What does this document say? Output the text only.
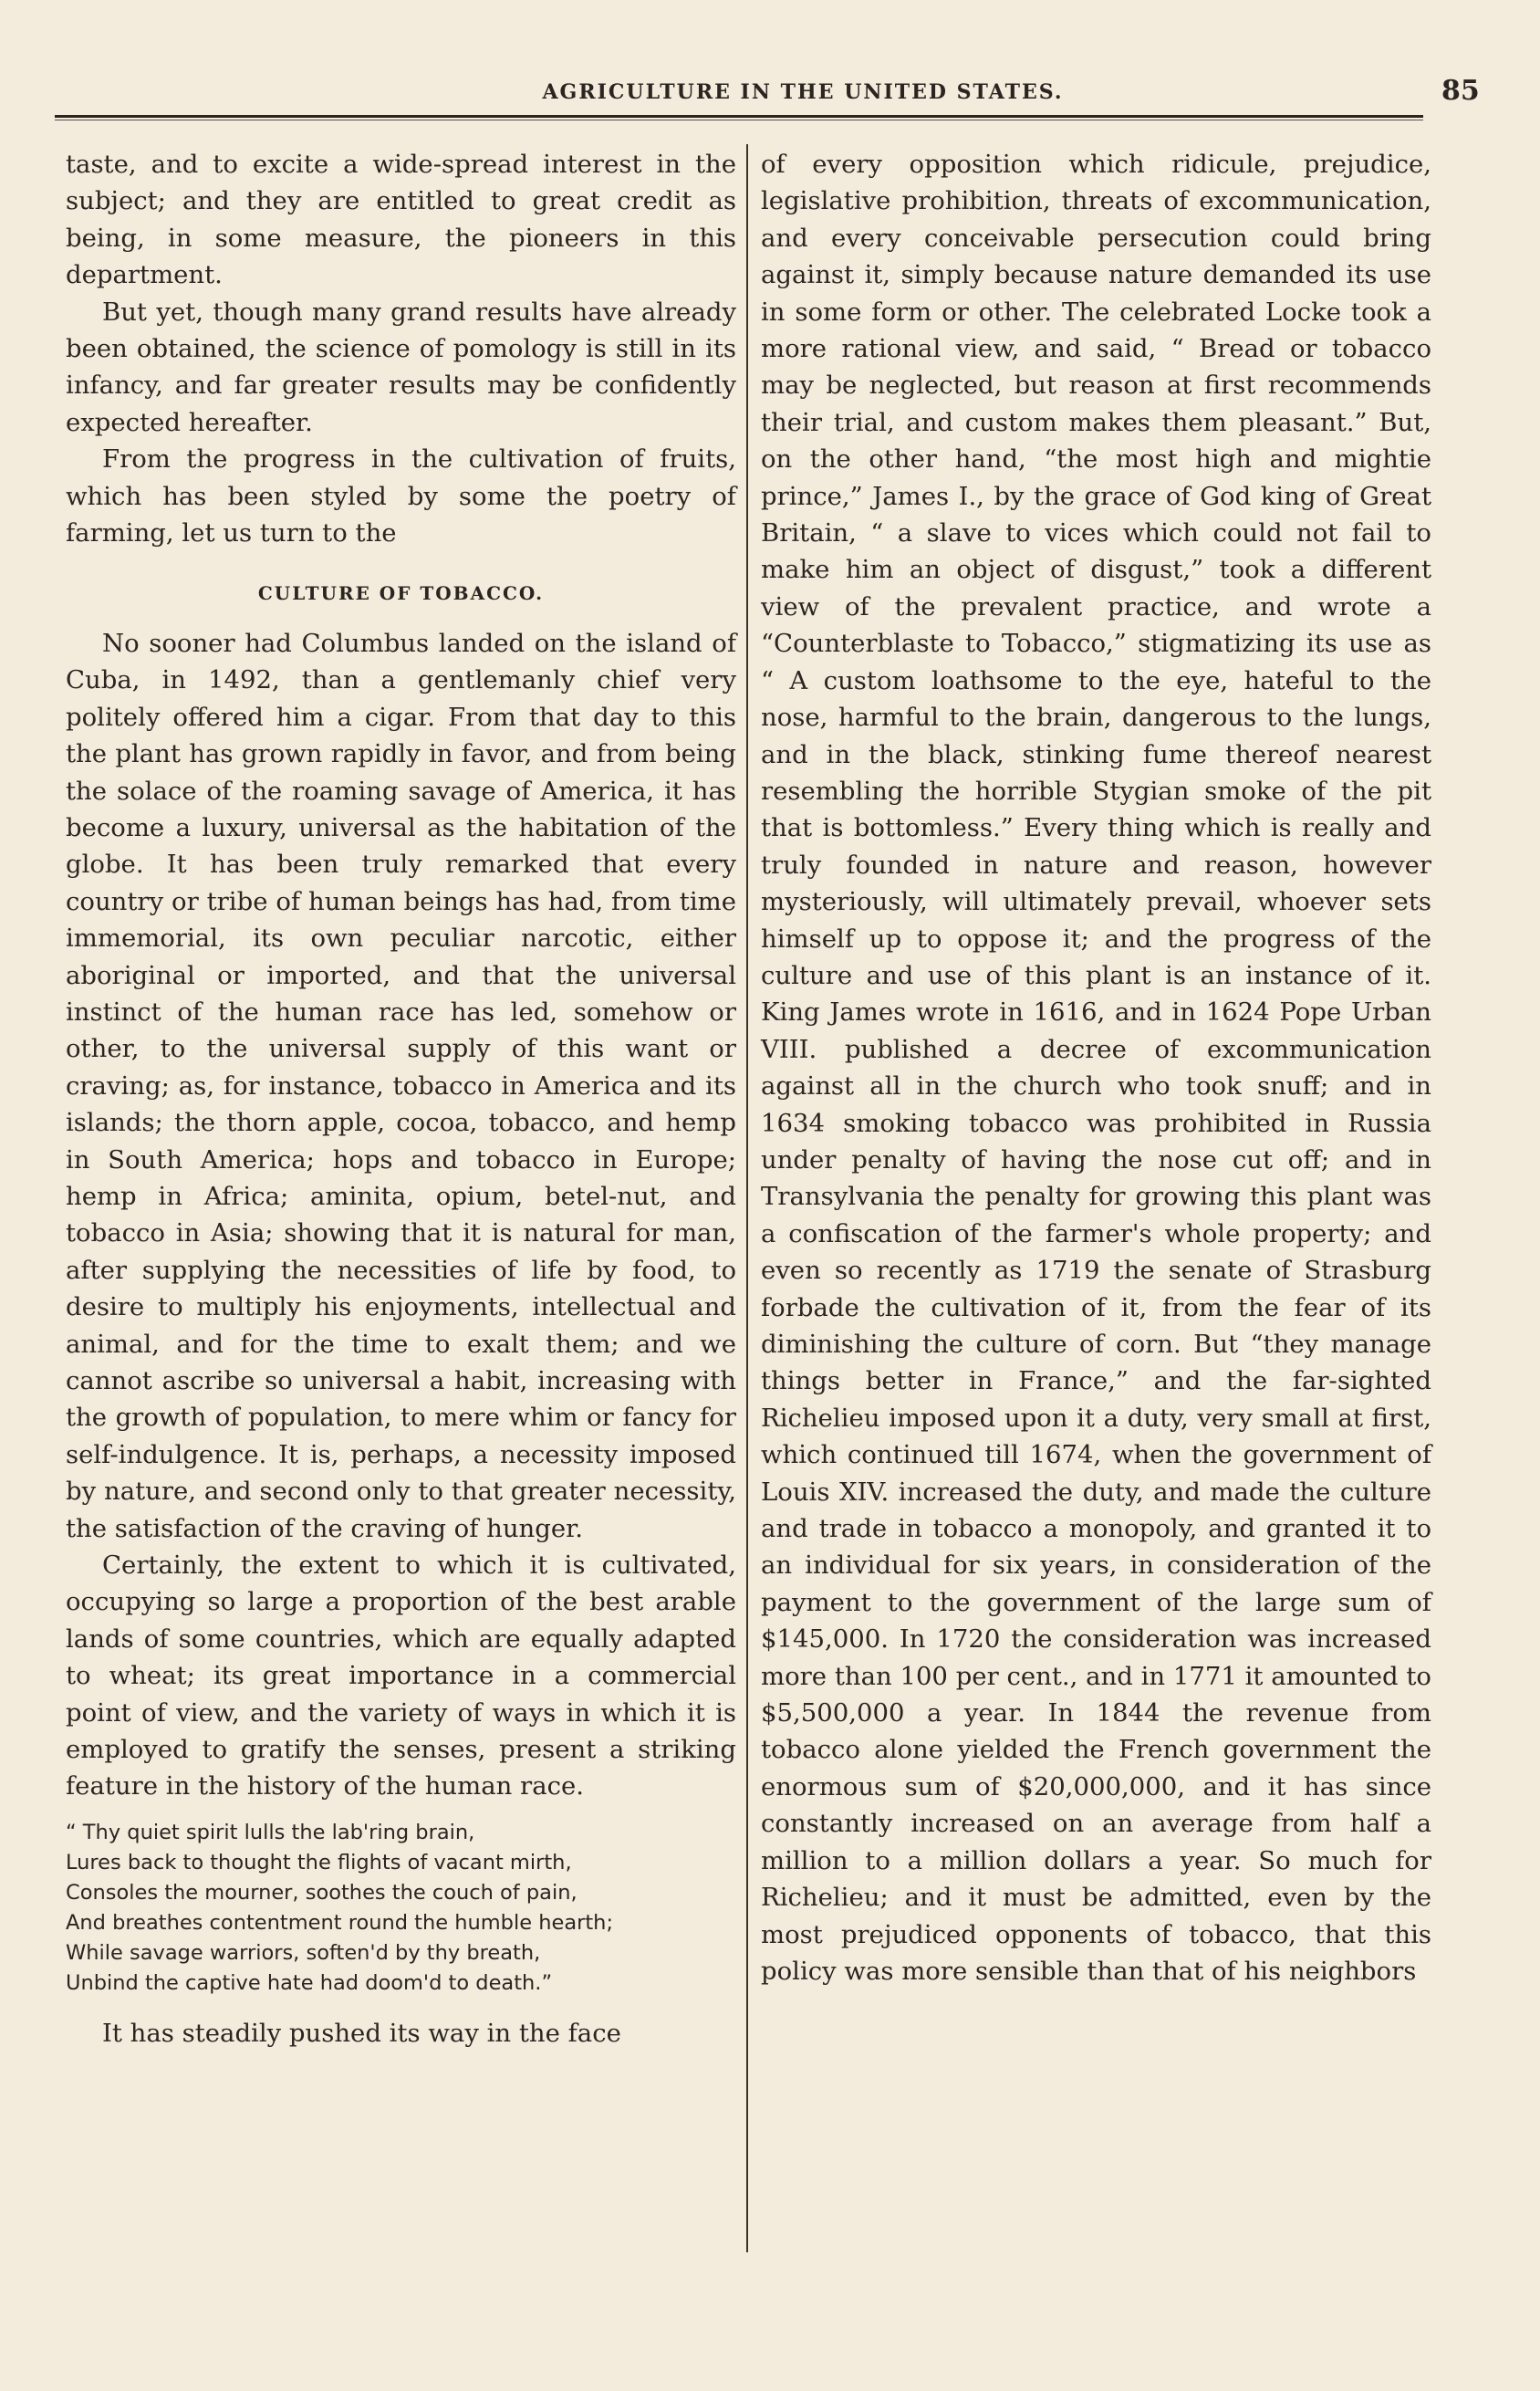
AGRICULTURE IN THE UNITED STATES.	85

taste, and to excite a wide-spread interest in the subject; and they are entitled to great credit as being, in some measure, the pioneers in this department.

But yet, though many grand results have already been obtained, the science of pomology is still in its infancy, and far greater results may be confidently expected hereafter.

From the progress in the cultivation of fruits, which has been styled by some the poetry of farming, let us turn to the

CULTURE OF TOBACCO.

No sooner had Columbus landed on the island of Cuba, in 1492, than a gentlemanly chief very politely offered him a cigar. From that day to this the plant has grown rapidly in favor, and from being the solace of the roaming savage of America, it has become a luxury, universal as the habitation of the globe. It has been truly remarked that every country or tribe of human beings has had, from time immemorial, its own peculiar narcotic, either aboriginal or imported, and that the universal instinct of the human race has led, somehow or other, to the universal supply of this want or craving; as, for instance, tobacco in America and its islands; the thorn apple, cocoa, tobacco, and hemp in South America; hops and tobacco in Europe; hemp in Africa; aminita, opium, betel-nut, and tobacco in Asia; showing that it is natural for man, after supplying the necessities of life by food, to desire to multiply his enjoyments, intellectual and animal, and for the time to exalt them; and we cannot ascribe so universal a habit, increasing with the growth of population, to mere whim or fancy for self-indulgence. It is, perhaps, a necessity imposed by nature, and second only to that greater necessity, the satisfaction of the craving of hunger.

Certainly, the extent to which it is cultivated, occupying so large a proportion of the best arable lands of some countries, which are equally adapted to wheat; its great importance in a commercial point of view, and the variety of ways in which it is employed to gratify the senses, present a striking feature in the history of the human race.

“ Thy quiet spirit lulls the lab'ring brain,
Lures back to thought the flights of vacant mirth,
Consoles the mourner, soothes the couch of pain,
And breathes contentment round the humble hearth;
While savage warriors, soften'd by thy breath,
Unbind the captive hate had doom'd to death.”

It has steadily pushed its way in the face

of every opposition which ridicule, prejudice, legislative prohibition, threats of excommunication, and every conceivable persecution could bring against it, simply because nature demanded its use in some form or other. The celebrated Locke took a more rational view, and said, “ Bread or tobacco may be neglected, but reason at first recommends their trial, and custom makes them pleasant.” But, on the other hand, “the most high and mightie prince,” James I., by the grace of God king of Great Britain, “ a slave to vices which could not fail to make him an object of disgust,” took a different view of the prevalent practice, and wrote a “Counterblaste to Tobacco,” stigmatizing its use as “ A custom loathsome to the eye, hateful to the nose, harmful to the brain, dangerous to the lungs, and in the black, stinking fume thereof nearest resembling the horrible Stygian smoke of the pit that is bottomless.” Every thing which is really and truly founded in nature and reason, however mysteriously, will ultimately prevail, whoever sets himself up to oppose it; and the progress of the culture and use of this plant is an instance of it. King James wrote in 1616, and in 1624 Pope Urban VIII. published a decree of excommunication against all in the church who took snuff; and in 1634 smoking tobacco was prohibited in Russia under penalty of having the nose cut off; and in Transylvania the penalty for growing this plant was a confiscation of the farmer's whole property; and even so recently as 1719 the senate of Strasburg forbade the cultivation of it, from the fear of its diminishing the culture of corn. But “they manage things better in France,” and the far-sighted Richelieu imposed upon it a duty, very small at first, which continued till 1674, when the government of Louis XIV. increased the duty, and made the culture and trade in tobacco a monopoly, and granted it to an individual for six years, in consideration of the payment to the government of the large sum of $145,000. In 1720 the consideration was increased more than 100 per cent., and in 1771 it amounted to $5,500,000 a year. In 1844 the revenue from tobacco alone yielded the French government the enormous sum of $20,000,000, and it has since constantly increased on an average from half a million to a million dollars a year. So much for Richelieu; and it must be admitted, even by the most prejudiced opponents of tobacco, that this policy was more sensible than that of his neighbors
